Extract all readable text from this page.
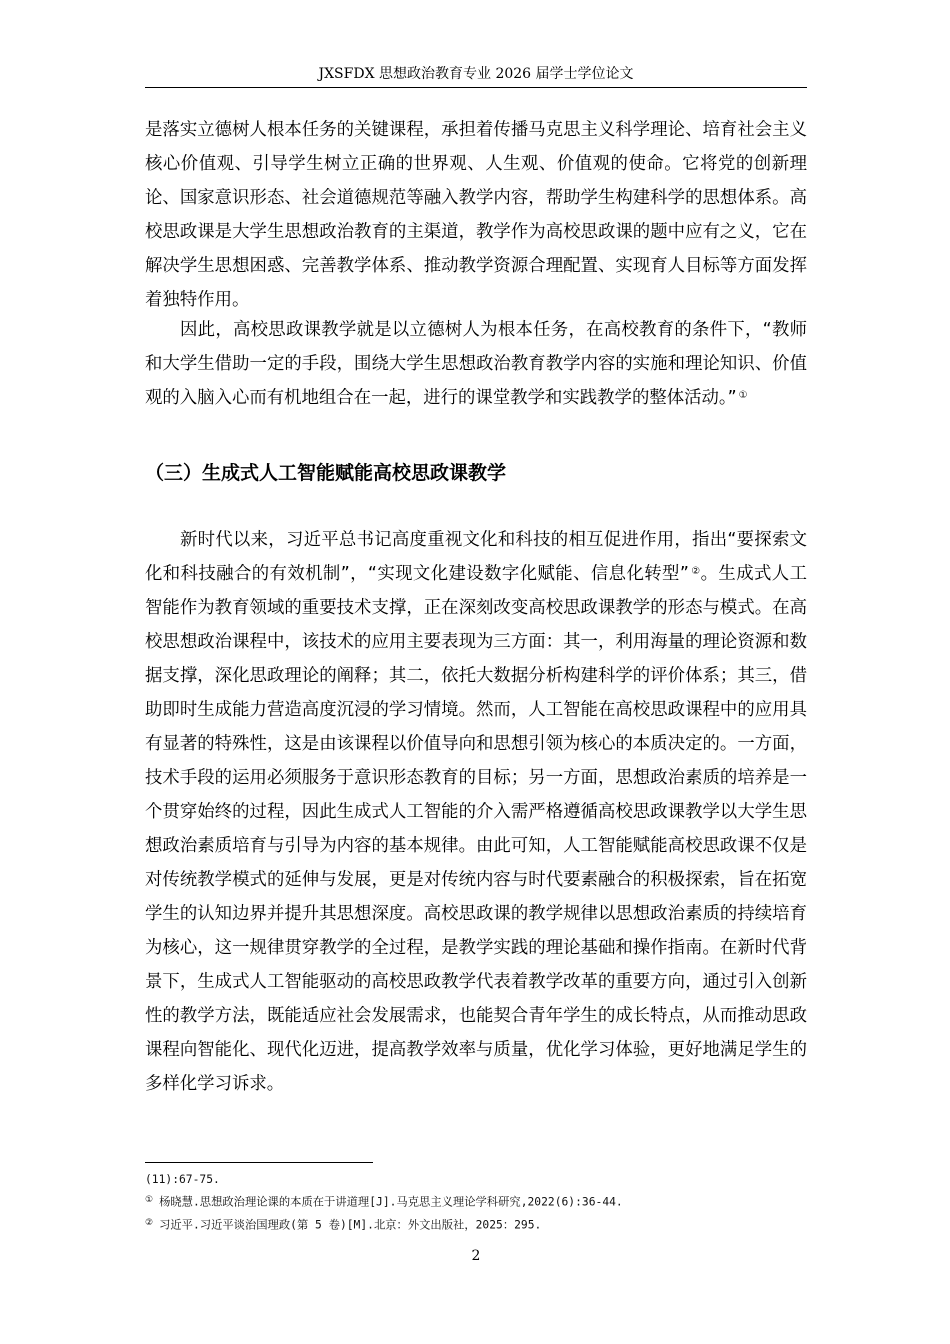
JXSFDX 思想政治教育专业 2026 届学士学位论文

是落实立德树人根本任务的关键课程，承担着传播马克思主义科学理论、培育社会主义核心价值观、引导学生树立正确的世界观、人生观、价值观的使命。它将党的创新理论、国家意识形态、社会道德规范等融入教学内容，帮助学生构建科学的思想体系。高校思政课是大学生思想政治教育的主渠道，教学作为高校思政课的题中应有之义，它在解决学生思想困惑、完善教学体系、推动教学资源合理配置、实现育人目标等方面发挥着独特作用。

因此，高校思政课教学就是以立德树人为根本任务，在高校教育的条件下，“教师和大学生借助一定的手段，围绕大学生思想政治教育教学内容的实施和理论知识、价值观的入脑入心而有机地组合在一起，进行的课堂教学和实践教学的整体活动。” ①

（三）生成式人工智能赋能高校思政课教学

新时代以来，习近平总书记高度重视文化和科技的相互促进作用，指出“要探索文化和科技融合的有效机制”，“实现文化建设数字化赋能、信息化转型” ②。生成式人工智能作为教育领域的重要技术支撑，正在深刻改变高校思政课教学的形态与模式。在高校思想政治课程中，该技术的应用主要表现为三方面：其一，利用海量的理论资源和数据支撑，深化思政理论的阐释；其二，依托大数据分析构建科学的评价体系；其三，借助即时生成能力营造高度沉浸的学习情境。然而，人工智能在高校思政课程中的应用具有显著的特殊性，这是由该课程以价值导向和思想引领为核心的本质决定的。一方面，技术手段的运用必须服务于意识形态教育的目标；另一方面，思想政治素质的培养是一个贯穿始终的过程，因此生成式人工智能的介入需严格遵循高校思政课教学以大学生思想政治素质培育与引导为内容的基本规律。由此可知，人工智能赋能高校思政课不仅是对传统教学模式的延伸与发展，更是对传统内容与时代要素融合的积极探索，旨在拓宽学生的认知边界并提升其思想深度。高校思政课的教学规律以思想政治素质的持续培育为核心，这一规律贯穿教学的全过程，是教学实践的理论基础和操作指南。在新时代背景下，生成式人工智能驱动的高校思政教学代表着教学改革的重要方向，通过引入创新性的教学方法，既能适应社会发展需求，也能契合青年学生的成长特点，从而推动思政课程向智能化、现代化迈进，提高教学效率与质量，优化学习体验，更好地满足学生的多样化学习诉求。

(11):67-75.

① 杨晓慧.思想政治理论课的本质在于讲道理[J].马克思主义理论学科研究,2022(6):36-44.

② 习近平.习近平谈治国理政(第 5 卷)[M].北京：外文出版社，2025：295.

2
